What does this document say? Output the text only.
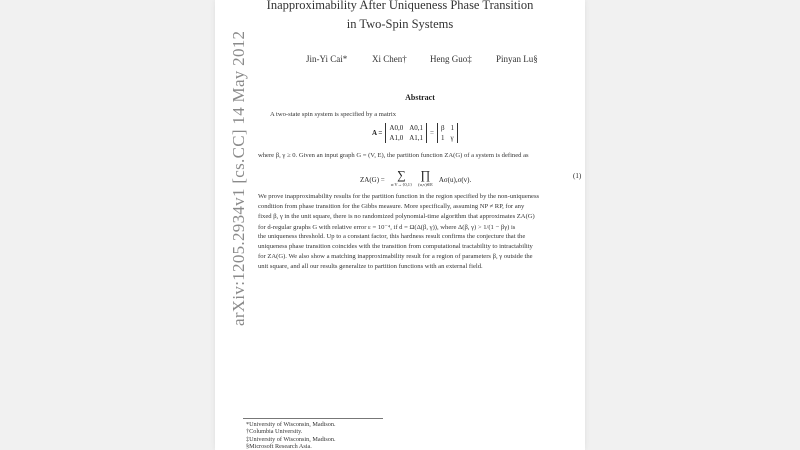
arXiv:1205.2934v1 [cs.CC] 14 May 2012
Inapproximability After Uniqueness Phase Transition
in Two-Spin Systems
Jin-Yi Cai*	Xi Chen†	Heng Guo‡	Pinyan Lu§
Abstract
A two-state spin system is specified by a matrix
A =
A0,0 A0,1
A1,0 A1,1
=
β 1
1 γ
where β, γ ≥ 0. Given an input graph G = (V, E), the partition function ZA(G) of a system is defined as
ZA(G) = ∑
σ:V→{0,1}
∏
(u,v)∈E
Aσ(u),σ(v).	(1)
We prove inapproximability results for the partition function in the region specified by the non-uniqueness
condition from phase transition for the Gibbs measure. More specifically, assuming NP ≠ RP, for any
fixed β, γ in the unit square, there is no randomized polynomial-time algorithm that approximates ZA(G)
for d-regular graphs G with relative error ε = 10⁻⁴, if d = Ω(Δ(β, γ)), where Δ(β, γ) > 1/(1 − βγ) is
the uniqueness threshold. Up to a constant factor, this hardness result confirms the conjecture that the
uniqueness phase transition coincides with the transition from computational tractability to intractability
for ZA(G). We also show a matching inapproximability result for a region of parameters β, γ outside the
unit square, and all our results generalize to partition functions with an external field.
*University of Wisconsin, Madison.
†Columbia University.
‡University of Wisconsin, Madison.
§Microsoft Research Asia.
